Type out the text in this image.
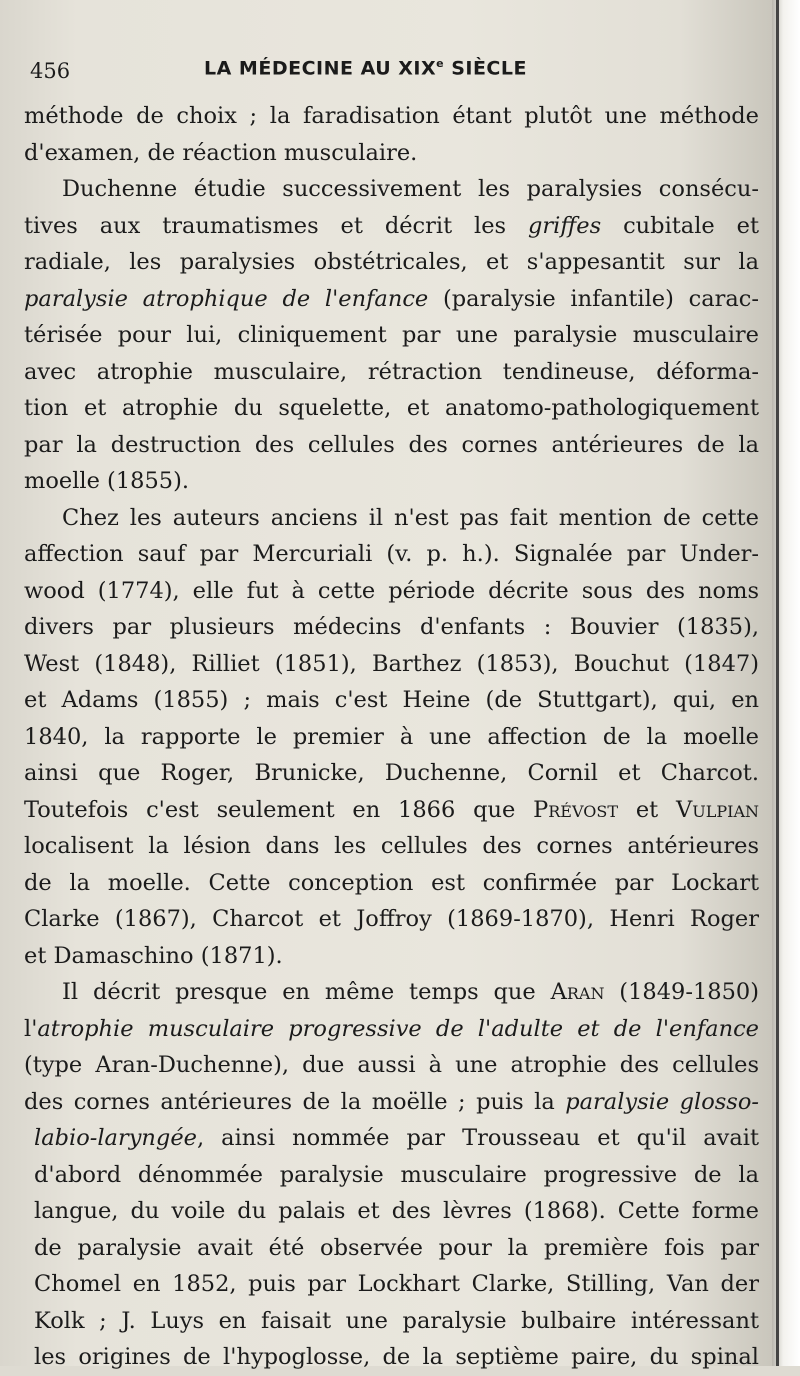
456	LA MÉDECINE AU XIXe SIÈCLE
méthode de choix ; la faradisation étant plutôt une méthode
d'examen, de réaction musculaire.
Duchenne étudie successivement les paralysies consécu-
tives aux traumatismes et décrit les griffes cubitale et
radiale, les paralysies obstétricales, et s'appesantit sur la
paralysie atrophique de l'enfance (paralysie infantile) carac-
térisée pour lui, cliniquement par une paralysie musculaire
avec atrophie musculaire, rétraction tendineuse, déforma-
tion et atrophie du squelette, et anatomo-pathologiquement
par la destruction des cellules des cornes antérieures de la
moelle (1855).
Chez les auteurs anciens il n'est pas fait mention de cette
affection sauf par Mercuriali (v. p. h.). Signalée par Under-
wood (1774), elle fut à cette période décrite sous des noms
divers par plusieurs médecins d'enfants : Bouvier (1835),
West (1848), Rilliet (1851), Barthez (1853), Bouchut (1847)
et Adams (1855) ; mais c'est Heine (de Stuttgart), qui, en
1840, la rapporte le premier à une affection de la moelle
ainsi que Roger, Brunicke, Duchenne, Cornil et Charcot.
Toutefois c'est seulement en 1866 que Prévost et Vulpian
localisent la lésion dans les cellules des cornes antérieures
de la moelle. Cette conception est confirmée par Lockart
Clarke (1867), Charcot et Joffroy (1869-1870), Henri Roger
et Damaschino (1871).
Il décrit presque en même temps que Aran (1849-1850)
l'atrophie musculaire progressive de l'adulte et de l'enfance
(type Aran-Duchenne), due aussi à une atrophie des cellules
des cornes antérieures de la moëlle ; puis la paralysie glosso-
labio-laryngée, ainsi nommée par Trousseau et qu'il avait
d'abord dénommée paralysie musculaire progressive de la
langue, du voile du palais et des lèvres (1868). Cette forme
de paralysie avait été observée pour la première fois par
Chomel en 1852, puis par Lockhart Clarke, Stilling, Van der
Kolk ; J. Luys en faisait une paralysie bulbaire intéressant
les origines de l'hypoglosse, de la septième paire, du spinal
